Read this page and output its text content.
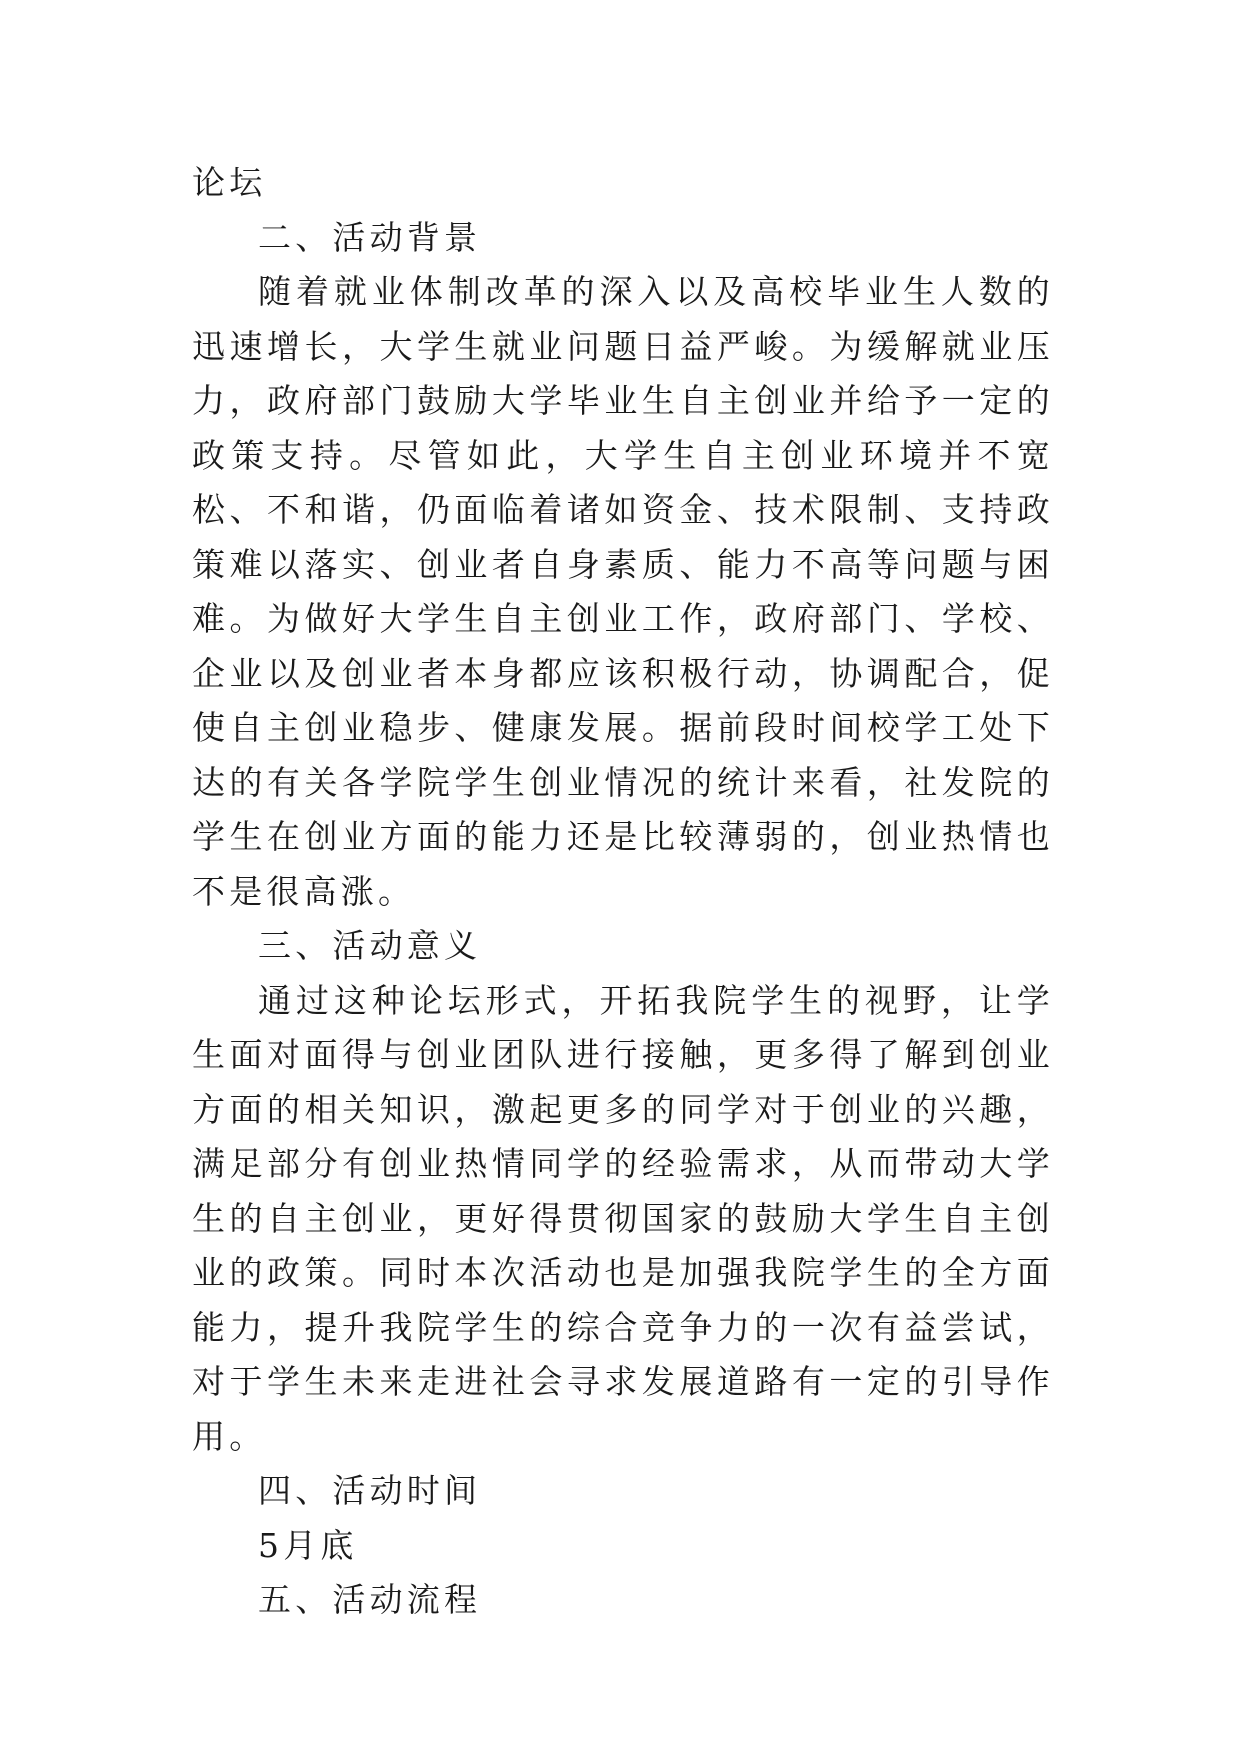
论坛

二、活动背景

随着就业体制改革的深入以及高校毕业生人数的迅速增长，大学生就业问题日益严峻。为缓解就业压力，政府部门鼓励大学毕业生自主创业并给予一定的政策支持。尽管如此，大学生自主创业环境并不宽松、不和谐，仍面临着诸如资金、技术限制、支持政策难以落实、创业者自身素质、能力不高等问题与困难。为做好大学生自主创业工作，政府部门、学校、企业以及创业者本身都应该积极行动，协调配合，促使自主创业稳步、健康发展。据前段时间校学工处下达的有关各学院学生创业情况的统计来看，社发院的学生在创业方面的能力还是比较薄弱的，创业热情也不是很高涨。

三、活动意义

通过这种论坛形式，开拓我院学生的视野，让学生面对面得与创业团队进行接触，更多得了解到创业方面的相关知识，激起更多的同学对于创业的兴趣，满足部分有创业热情同学的经验需求，从而带动大学生的自主创业，更好得贯彻国家的鼓励大学生自主创业的政策。同时本次活动也是加强我院学生的全方面能力，提升我院学生的综合竞争力的一次有益尝试，对于学生未来走进社会寻求发展道路有一定的引导作用。

四、活动时间

5月底

五、活动流程
